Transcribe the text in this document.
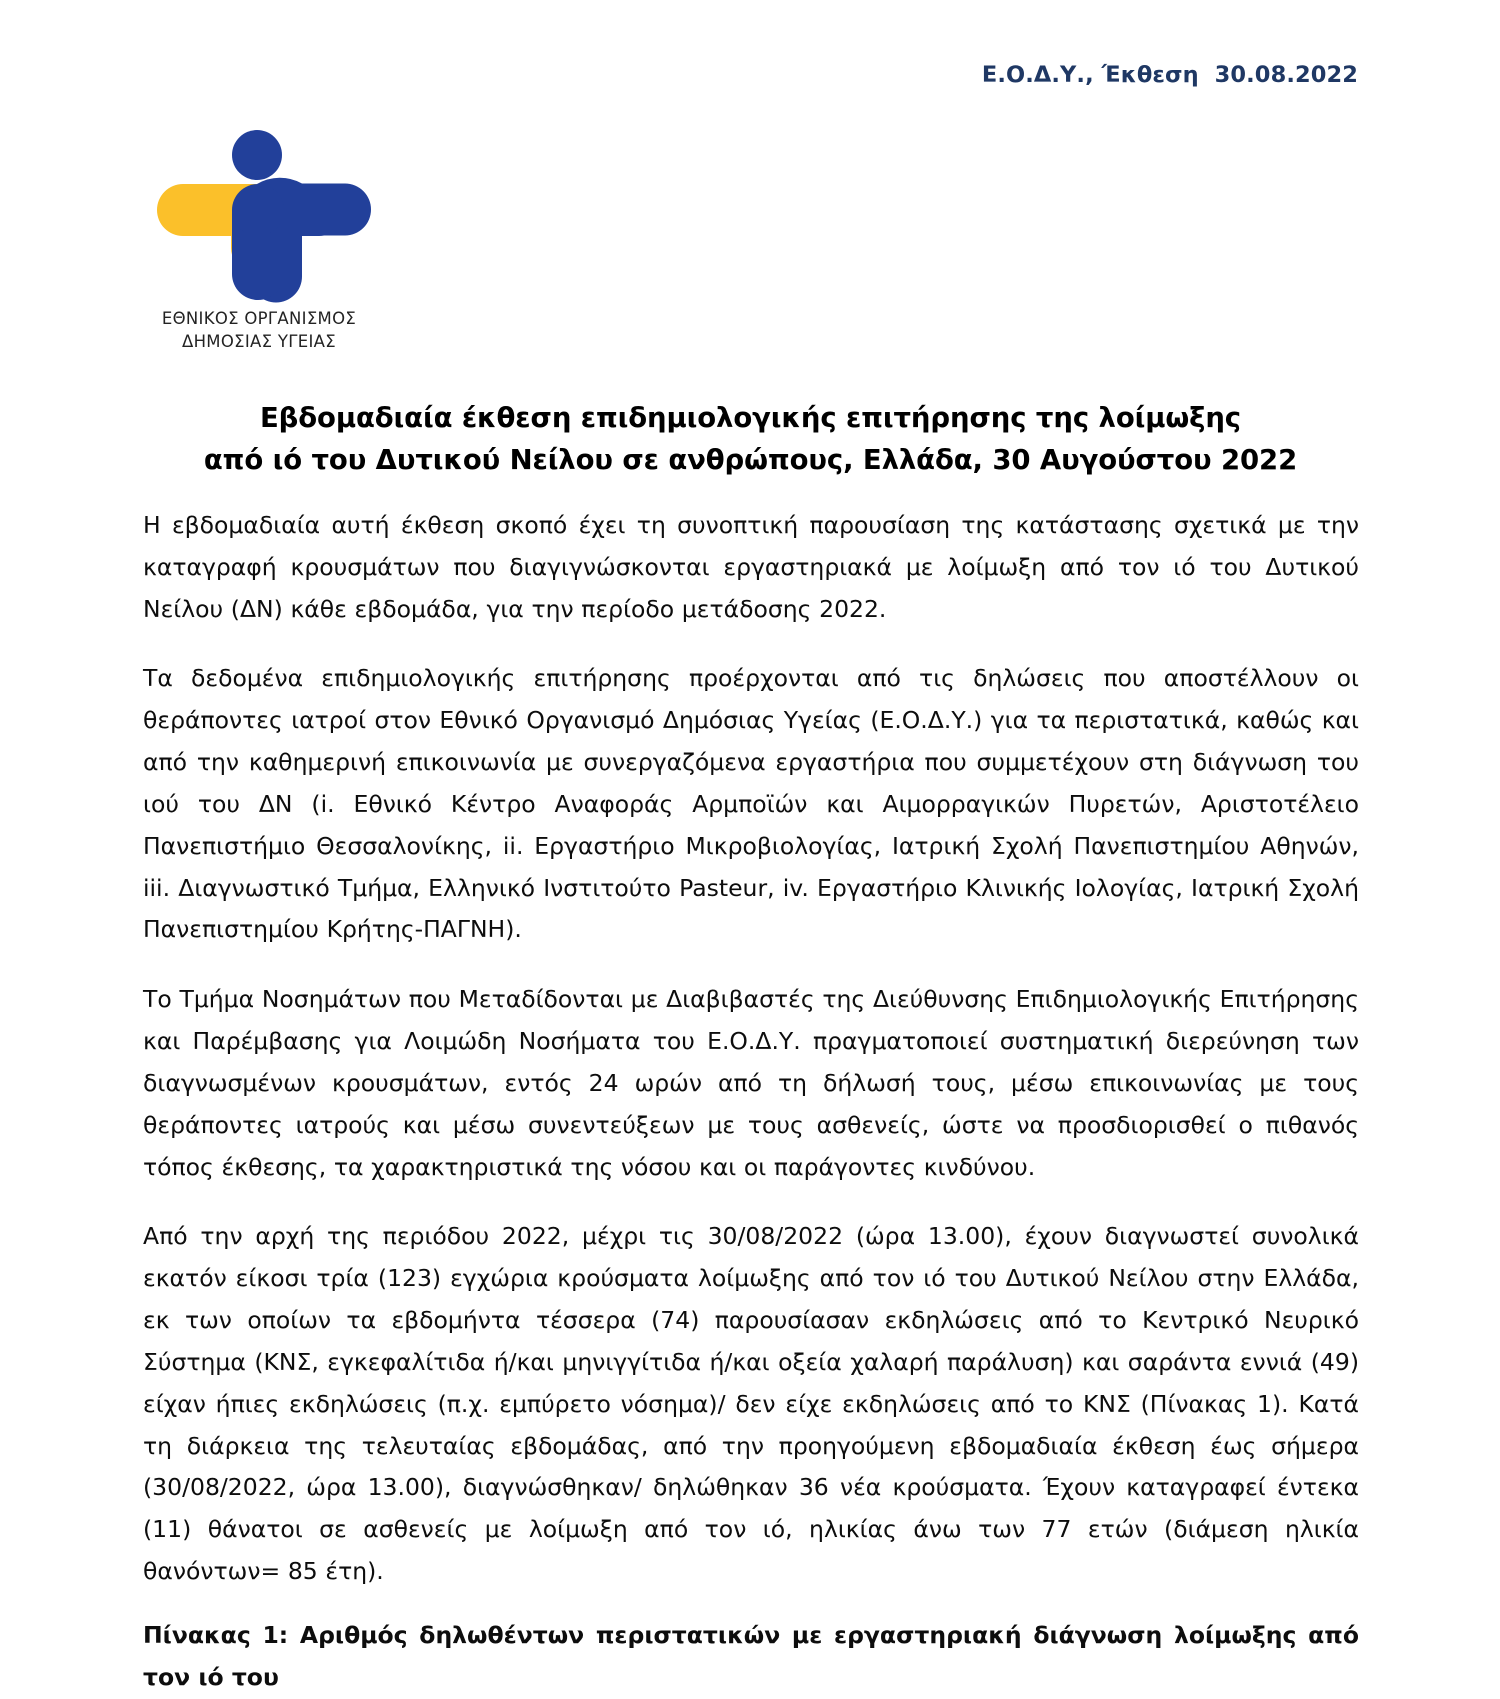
Ε.Ο.Δ.Υ., Έκθεση  30.08.2022
ΕΘΝΙΚΟΣ ΟΡΓΑΝΙΣΜΟΣ
ΔΗΜΟΣΙΑΣ ΥΓΕΙΑΣ
Εβδομαδιαία έκθεση επιδημιολογικής επιτήρησης της λοίμωξης
από ιό του Δυτικού Νείλου σε ανθρώπους, Ελλάδα, 30 Αυγούστου 2022

Η εβδομαδιαία αυτή έκθεση σκοπό έχει τη συνοπτική παρουσίαση της κατάστασης σχετικά με την καταγραφή κρουσμάτων που διαγιγνώσκονται εργαστηριακά με λοίμωξη από τον ιό του Δυτικού Νείλου (ΔΝ) κάθε εβδομάδα, για την περίοδο μετάδοσης 2022.

Τα δεδομένα επιδημιολογικής επιτήρησης προέρχονται από τις δηλώσεις που αποστέλλουν οι θεράποντες ιατροί στον Εθνικό Οργανισμό Δημόσιας Υγείας (Ε.Ο.Δ.Υ.) για τα περιστατικά, καθώς και από την καθημερινή επικοινωνία με συνεργαζόμενα εργαστήρια που συμμετέχουν στη διάγνωση του ιού του ΔΝ (i. Εθνικό Κέντρο Αναφοράς Αρμποϊών και Αιμορραγικών Πυρετών, Αριστοτέλειο Πανεπιστήμιο Θεσσαλονίκης, ii. Εργαστήριο Μικροβιολογίας, Ιατρική Σχολή Πανεπιστημίου Αθηνών, iii. Διαγνωστικό Τμήμα, Ελληνικό Ινστιτούτο Pasteur, iv. Εργαστήριο Κλινικής Ιολογίας, Ιατρική Σχολή Πανεπιστημίου Κρήτης-ΠΑΓΝΗ).

Το Τμήμα Νοσημάτων που Μεταδίδονται με Διαβιβαστές της Διεύθυνσης Επιδημιολογικής Επιτήρησης και Παρέμβασης για Λοιμώδη Νοσήματα του Ε.Ο.Δ.Υ. πραγματοποιεί συστηματική διερεύνηση των διαγνωσμένων κρουσμάτων, εντός 24 ωρών από τη δήλωσή τους, μέσω επικοινωνίας με τους θεράποντες ιατρούς και μέσω συνεντεύξεων με τους ασθενείς, ώστε να προσδιορισθεί ο πιθανός τόπος έκθεσης, τα χαρακτηριστικά της νόσου και οι παράγοντες κινδύνου.

Από την αρχή της περιόδου 2022, μέχρι τις 30/08/2022 (ώρα 13.00), έχουν διαγνωστεί συνολικά εκατόν είκοσι τρία (123) εγχώρια κρούσματα λοίμωξης από τον ιό του Δυτικού Νείλου στην Ελλάδα, εκ των οποίων τα εβδομήντα τέσσερα (74) παρουσίασαν εκδηλώσεις από το Κεντρικό Νευρικό Σύστημα (ΚΝΣ, εγκεφαλίτιδα ή/και μηνιγγίτιδα ή/και οξεία χαλαρή παράλυση) και σαράντα εννιά (49) είχαν ήπιες εκδηλώσεις (π.χ. εμπύρετο νόσημα)/ δεν είχε εκδηλώσεις από το ΚΝΣ (Πίνακας 1). Κατά τη διάρκεια της τελευταίας εβδομάδας, από την προηγούμενη εβδομαδιαία έκθεση έως σήμερα (30/08/2022, ώρα 13.00), διαγνώσθηκαν/ δηλώθηκαν 36 νέα κρούσματα. Έχουν καταγραφεί έντεκα (11) θάνατοι σε ασθενείς με λοίμωξη από τον ιό, ηλικίας άνω των 77 ετών (διάμεση ηλικία θανόντων= 85 έτη).

Πίνακας 1: Αριθμός δηλωθέντων περιστατικών με εργαστηριακή διάγνωση λοίμωξης από τον ιό του
